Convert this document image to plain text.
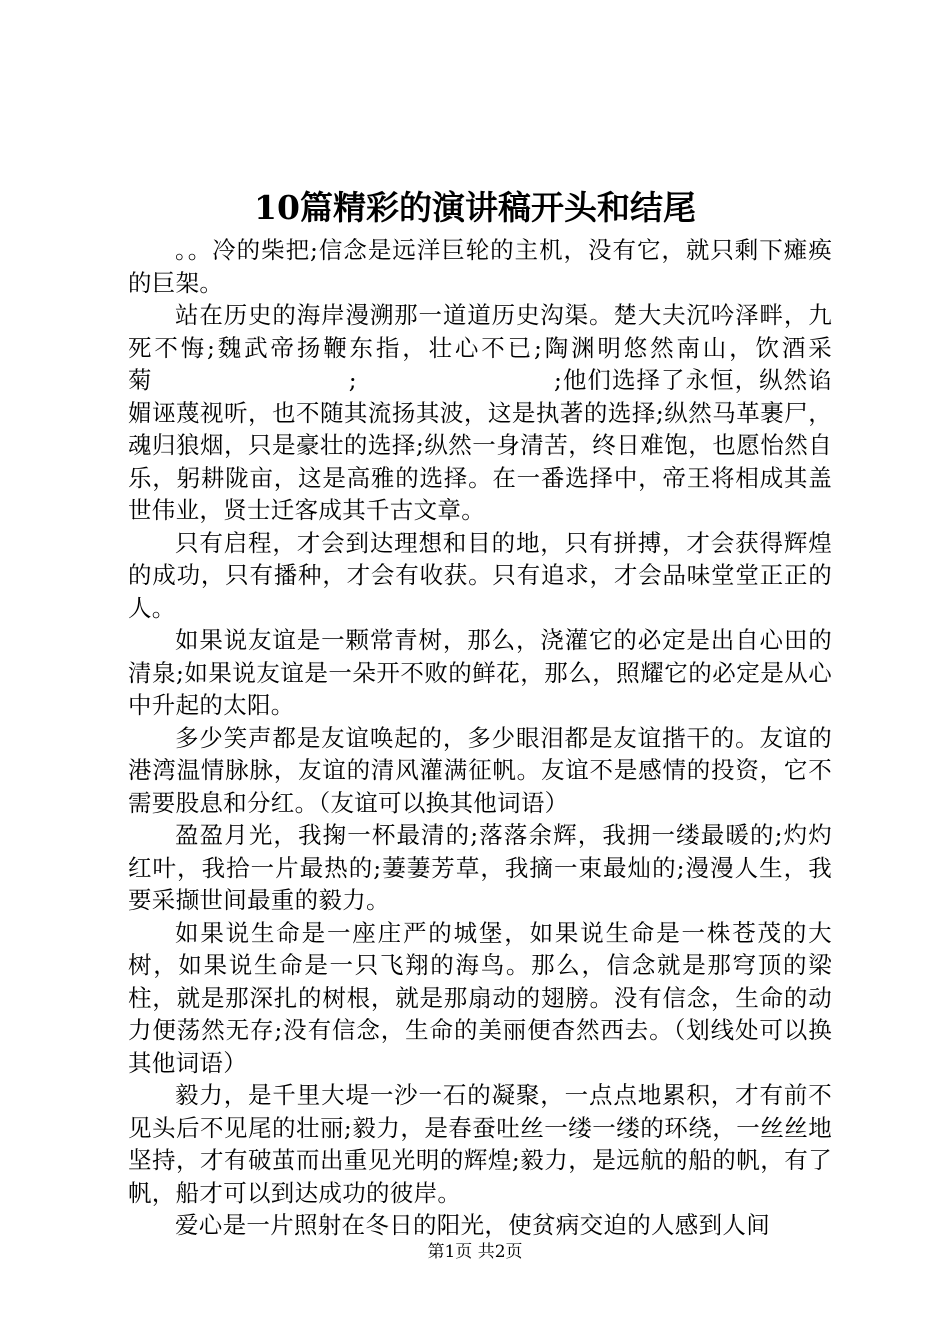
10篇精彩的演讲稿开头和结尾

。。冷的柴把;信念是远洋巨轮的主机，没有它，就只剩下瘫痪的巨架。

站在历史的海岸漫溯那一道道历史沟渠。楚大夫沉吟泽畔，九死不悔;魏武帝扬鞭东指，壮心不已;陶渊明悠然南山，饮酒采菊　　　　　　　　;　　　　　　　　;他们选择了永恒，纵然谄媚诬蔑视听，也不随其流扬其波，这是执著的选择;纵然马革裹尸，魂归狼烟，只是豪壮的选择;纵然一身清苦，终日难饱，也愿怡然自乐，躬耕陇亩，这是高雅的选择。在一番选择中，帝王将相成其盖世伟业，贤士迁客成其千古文章。

只有启程，才会到达理想和目的地，只有拼搏，才会获得辉煌的成功，只有播种，才会有收获。只有追求，才会品味堂堂正正的人。

如果说友谊是一颗常青树，那么，浇灌它的必定是出自心田的清泉;如果说友谊是一朵开不败的鲜花，那么，照耀它的必定是从心中升起的太阳。

多少笑声都是友谊唤起的，多少眼泪都是友谊揩干的。友谊的港湾温情脉脉，友谊的清风灌满征帆。友谊不是感情的投资，它不需要股息和分红。（友谊可以换其他词语）

盈盈月光，我掬一杯最清的;落落余辉，我拥一缕最暖的;灼灼红叶，我拾一片最热的;萋萋芳草，我摘一束最灿的;漫漫人生，我要采撷世间最重的毅力。

如果说生命是一座庄严的城堡，如果说生命是一株苍茂的大树，如果说生命是一只飞翔的海鸟。那么，信念就是那穹顶的梁柱，就是那深扎的树根，就是那扇动的翅膀。没有信念，生命的动力便荡然无存;没有信念，生命的美丽便杳然西去。（划线处可以换其他词语）

毅力，是千里大堤一沙一石的凝聚，一点点地累积，才有前不见头后不见尾的壮丽;毅力，是春蚕吐丝一缕一缕的环绕，一丝丝地坚持，才有破茧而出重见光明的辉煌;毅力，是远航的船的帆，有了帆，船才可以到达成功的彼岸。

爱心是一片照射在冬日的阳光，使贫病交迫的人感到人间

第1页 共2页
